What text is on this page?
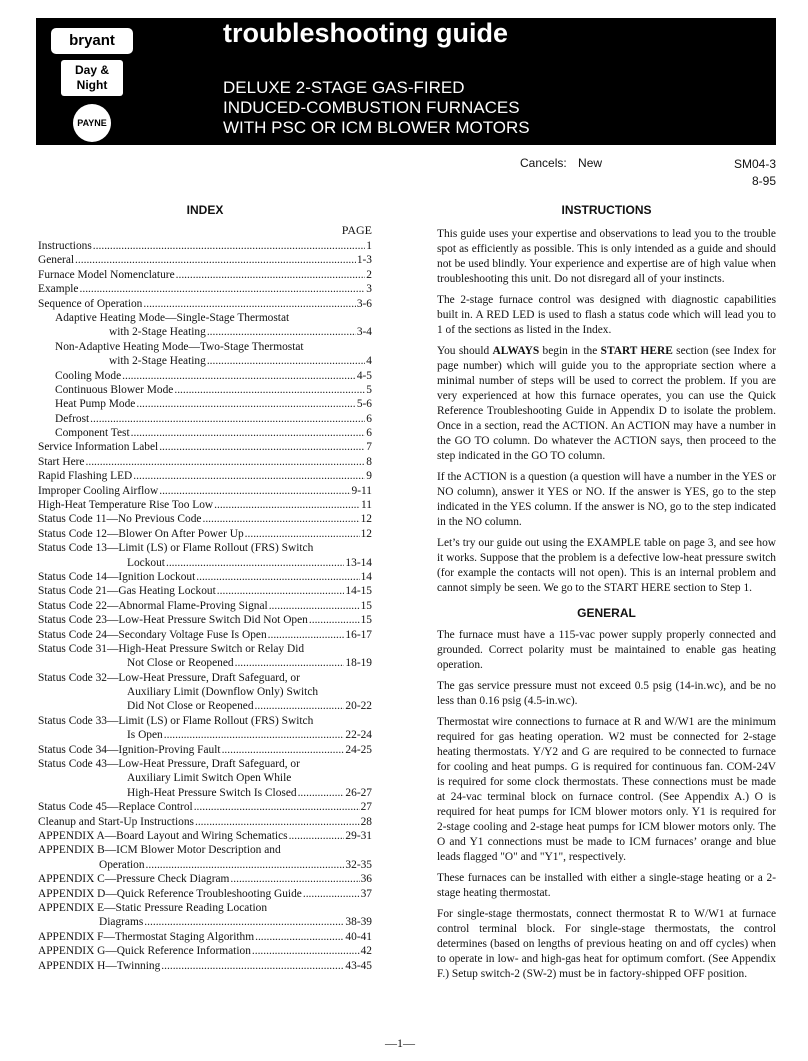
bryant
Day & Night
PAYNE
troubleshooting guide
DELUXE 2-STAGE GAS-FIRED
INDUCED-COMBUSTION FURNACES
WITH PSC OR ICM BLOWER MOTORS
Cancels: New	SM04-3
8-95
INDEX
PAGE
Instructions .....	1
General .....	1-3
Furnace Model Nomenclature .....	2
Example .....	3
Sequence of Operation .....	3-6
Adaptive Heating Mode—Single-Stage Thermostat
with 2-Stage Heating .....	3-4
Non-Adaptive Heating Mode—Two-Stage Thermostat
with 2-Stage Heating .....	4
Cooling Mode .....	4-5
Continuous Blower Mode .....	5
Heat Pump Mode .....	5-6
Defrost .....	6
Component Test .....	6
Service Information Label .....	7
Start Here .....	8
Rapid Flashing LED .....	9
Improper Cooling Airflow .....	9-11
High-Heat Temperature Rise Too Low .....	11
Status Code 11—No Previous Code .....	12
Status Code 12—Blower On After Power Up .....	12
Status Code 13—Limit (LS) or Flame Rollout (FRS) Switch
Lockout .....	13-14
Status Code 14—Ignition Lockout .....	14
Status Code 21—Gas Heating Lockout .....	14-15
Status Code 22—Abnormal Flame-Proving Signal .....	15
Status Code 23—Low-Heat Pressure Switch Did Not Open .....	15
Status Code 24—Secondary Voltage Fuse Is Open .....	16-17
Status Code 31—High-Heat Pressure Switch or Relay Did
Not Close or Reopened .....	18-19
Status Code 32—Low-Heat Pressure, Draft Safeguard, or
Auxiliary Limit (Downflow Only) Switch
Did Not Close or Reopened .....	20-22
Status Code 33—Limit (LS) or Flame Rollout (FRS) Switch
Is Open .....	22-24
Status Code 34—Ignition-Proving Fault .....	24-25
Status Code 43—Low-Heat Pressure, Draft Safeguard, or
Auxiliary Limit Switch Open While
High-Heat Pressure Switch Is Closed .....	26-27
Status Code 45—Replace Control .....	27
Cleanup and Start-Up Instructions .....	28
APPENDIX A—Board Layout and Wiring Schematics .....	29-31
APPENDIX B—ICM Blower Motor Description and
Operation .....	32-35
APPENDIX C—Pressure Check Diagram .....	36
APPENDIX D—Quick Reference Troubleshooting Guide .....	37
APPENDIX E—Static Pressure Reading Location
Diagrams .....	38-39
APPENDIX F—Thermostat Staging Algorithm .....	40-41
APPENDIX G—Quick Reference Information .....	42
APPENDIX H—Twinning .....	43-45
INSTRUCTIONS

This guide uses your expertise and observations to lead you to the trouble spot as efficiently as possible. This is only intended as a guide and should not be used blindly. Your experience and expertise are of high value when troubleshooting this unit. Do not disregard all of your instincts.

The 2-stage furnace control was designed with diagnostic capabilities built in. A RED LED is used to flash a status code which will lead you to 1 of the sections as listed in the Index.

You should ALWAYS begin in the START HERE section (see Index for page number) which will guide you to the appropriate section where a minimal number of steps will be used to correct the problem. If you are very experienced at how this furnace operates, you can use the Quick Reference Troubleshooting Guide in Appendix D to isolate the problem. Once in a section, read the ACTION. An ACTION may have a number in the GO TO column. Do whatever the ACTION says, then proceed to the step indicated in the GO TO column.

If the ACTION is a question (a question will have a number in the YES or NO column), answer it YES or NO. If the answer is YES, go to the step indicated in the YES column. If the answer is NO, go to the step indicated in the NO column.

Let’s try our guide out using the EXAMPLE table on page 3, and see how it works. Suppose that the problem is a defective low-heat pressure switch (for example the contacts will not open). This is an internal problem and cannot simply be seen. We go to the START HERE section to Step 1.

GENERAL

The furnace must have a 115-vac power supply properly connected and grounded. Correct polarity must be maintained to enable gas heating operation.

The gas service pressure must not exceed 0.5 psig (14-in.wc), and be no less than 0.16 psig (4.5-in.wc).

Thermostat wire connections to furnace at R and W/W1 are the minimum required for gas heating operation. W2 must be connected for 2-stage heating thermostats. Y/Y2 and G are required to be connected to furnace for cooling and heat pumps. G is required for continuous fan. COM-24V is required for some clock thermostats. These connections must be made at 24-vac terminal block on furnace control. (See Appendix A.) O is required for heat pumps for ICM blower motors only. Y1 is required for 2-stage cooling and 2-stage heat pumps for ICM blower motors only. The O and Y1 connections must be made to ICM furnaces’ orange and blue leads flagged "O" and "Y1", respectively.

These furnaces can be installed with either a single-stage heating or a 2-stage heating thermostat.

For single-stage thermostats, connect thermostat R to W/W1 at furnace control terminal block. For single-stage thermostats, the control determines (based on lengths of previous heating on and off cycles) when to operate in low- and high-gas heat for optimum comfort. (See Appendix F.) Setup switch-2 (SW-2) must be in factory-shipped OFF position.

—1—
